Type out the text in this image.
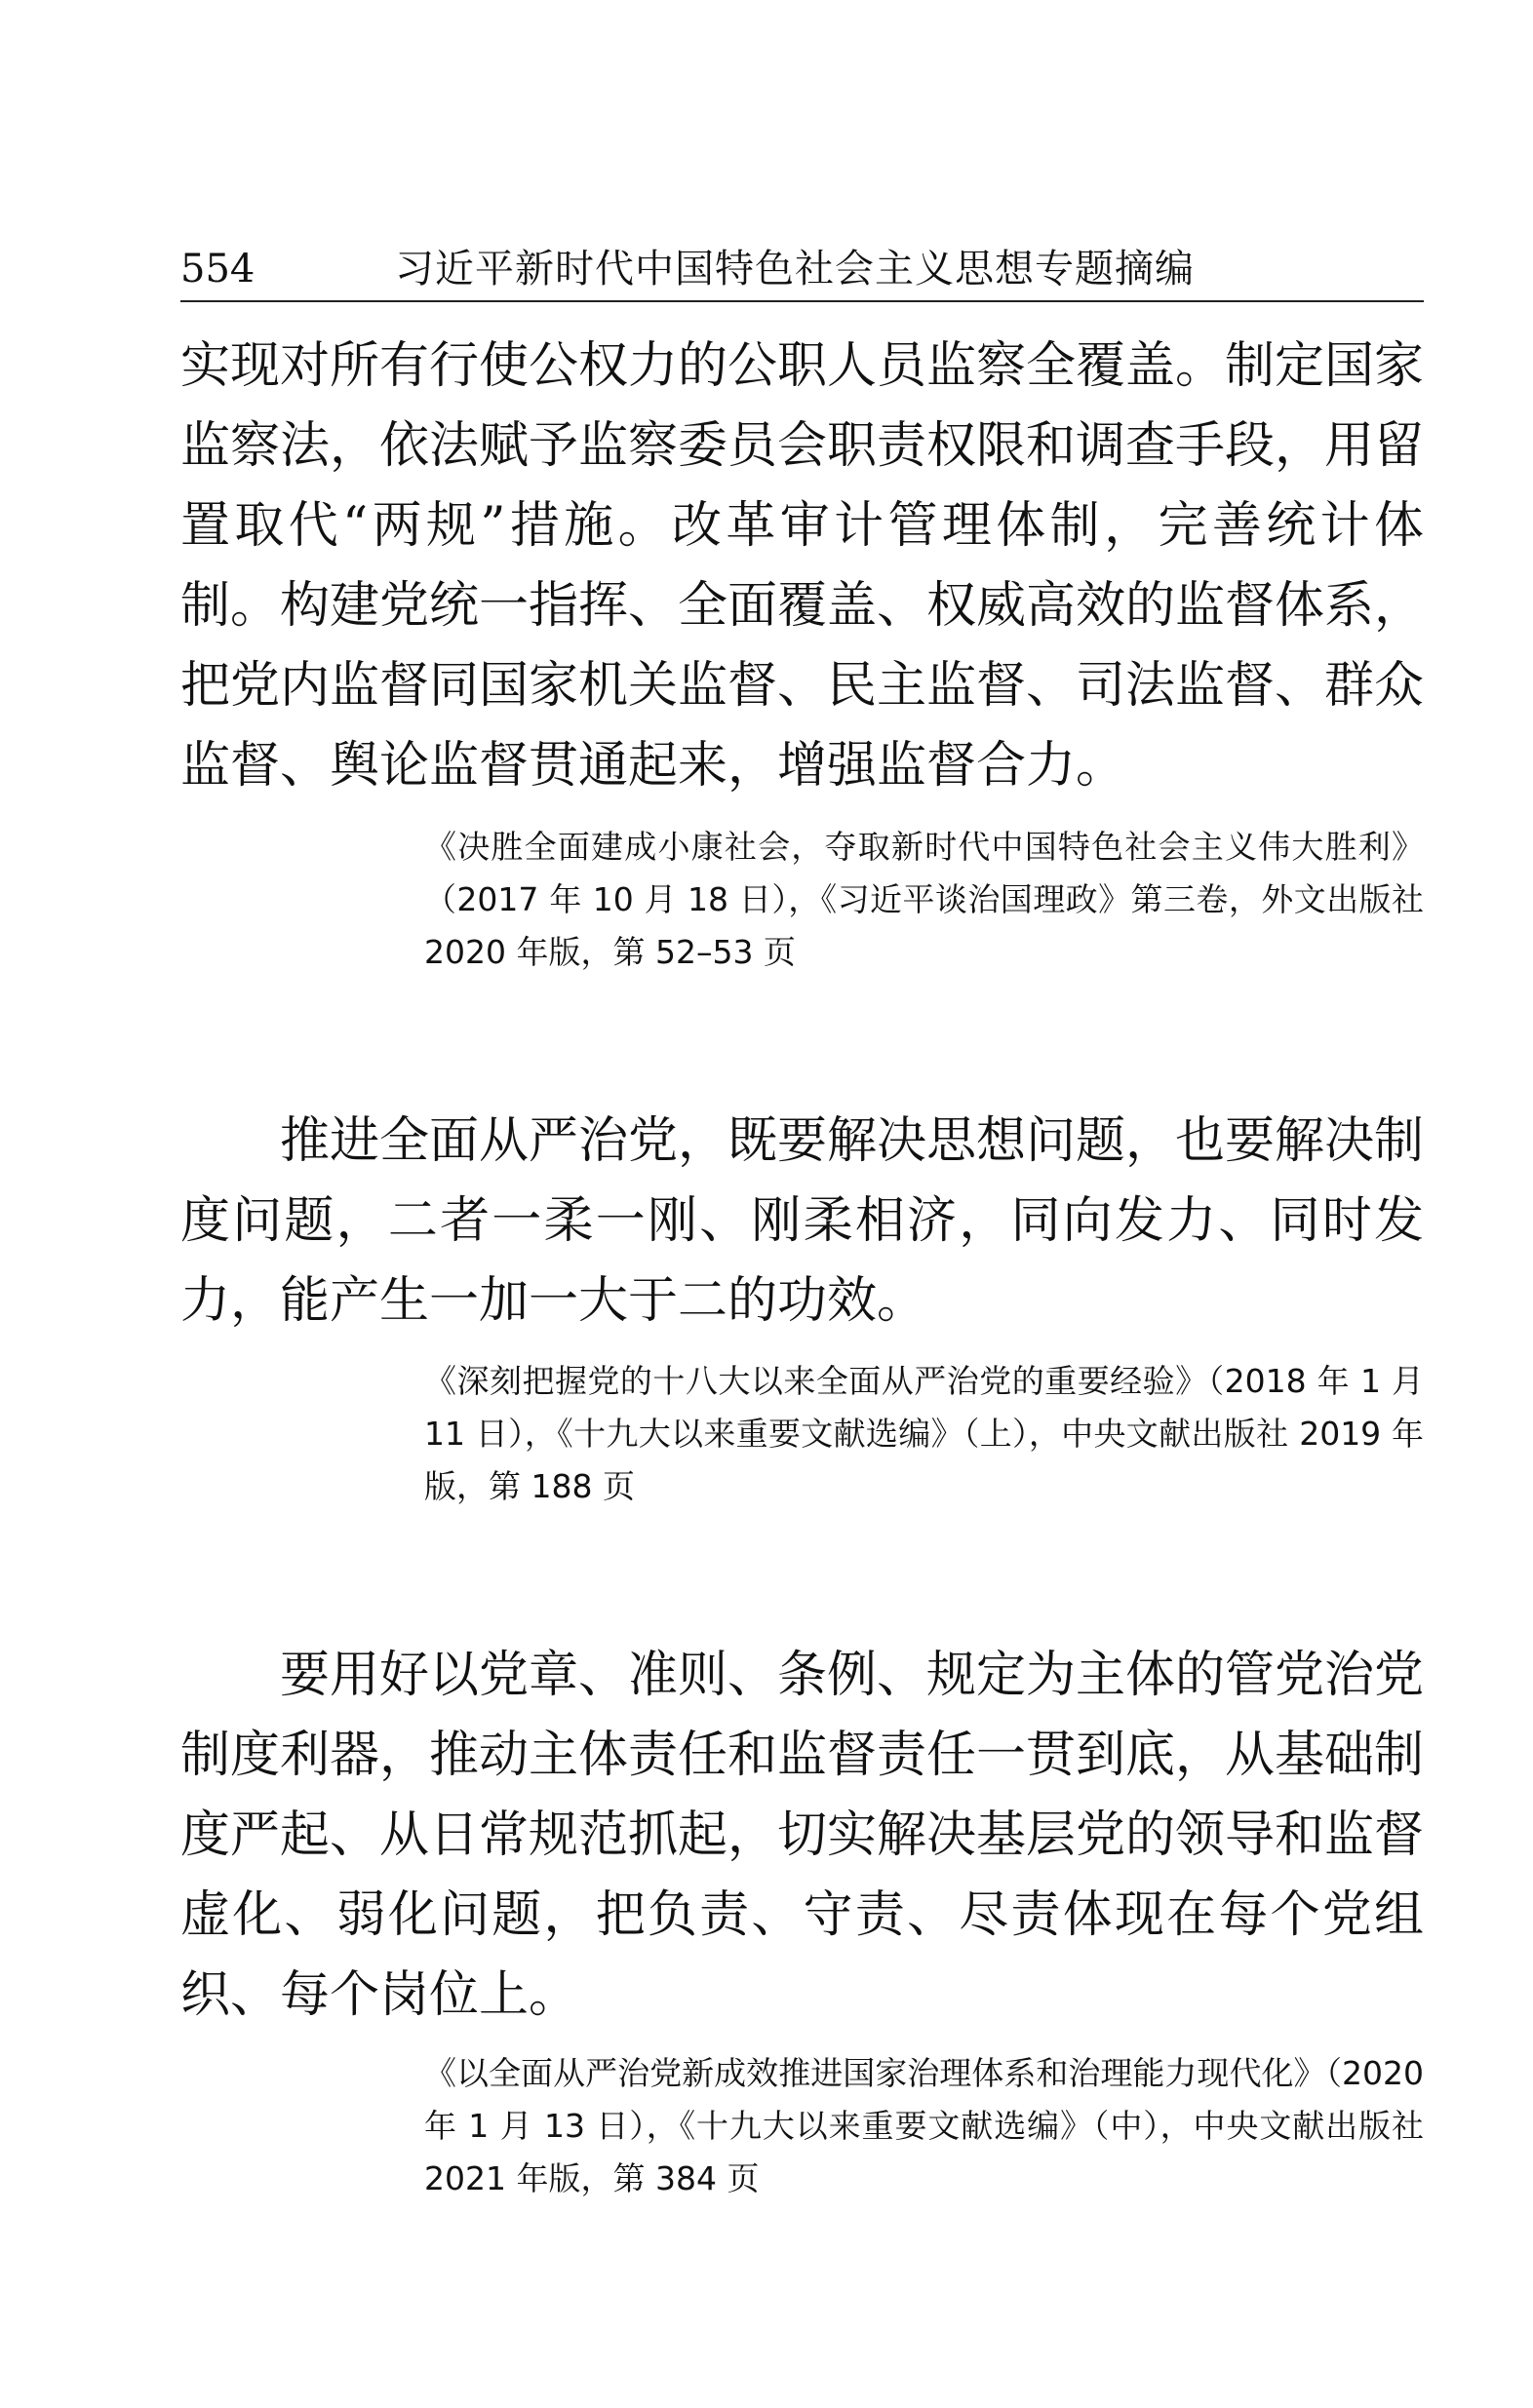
554	习近平新时代中国特色社会主义思想专题摘编

实现对所有行使公权力的公职人员监察全覆盖。制定国家监察法，依法赋予监察委员会职责权限和调查手段，用留置取代“两规”措施。改革审计管理体制，完善统计体制。构建党统一指挥、全面覆盖、权威高效的监督体系，把党内监督同国家机关监督、民主监督、司法监督、群众监督、舆论监督贯通起来，增强监督合力。

《决胜全面建成小康社会，夺取新时代中国特色社会主义伟大胜利》（2017 年 10 月 18 日），《习近平谈治国理政》第三卷，外文出版社 2020 年版，第 52–53 页

推进全面从严治党，既要解决思想问题，也要解决制度问题，二者一柔一刚、刚柔相济，同向发力、同时发力，能产生一加一大于二的功效。

《深刻把握党的十八大以来全面从严治党的重要经验》（2018 年 1 月 11 日），《十九大以来重要文献选编》（上），中央文献出版社 2019 年版，第 188 页

要用好以党章、准则、条例、规定为主体的管党治党制度利器，推动主体责任和监督责任一贯到底，从基础制度严起、从日常规范抓起，切实解决基层党的领导和监督虚化、弱化问题，把负责、守责、尽责体现在每个党组织、每个岗位上。

《以全面从严治党新成效推进国家治理体系和治理能力现代化》（2020 年 1 月 13 日），《十九大以来重要文献选编》（中），中央文献出版社 2021 年版，第 384 页
